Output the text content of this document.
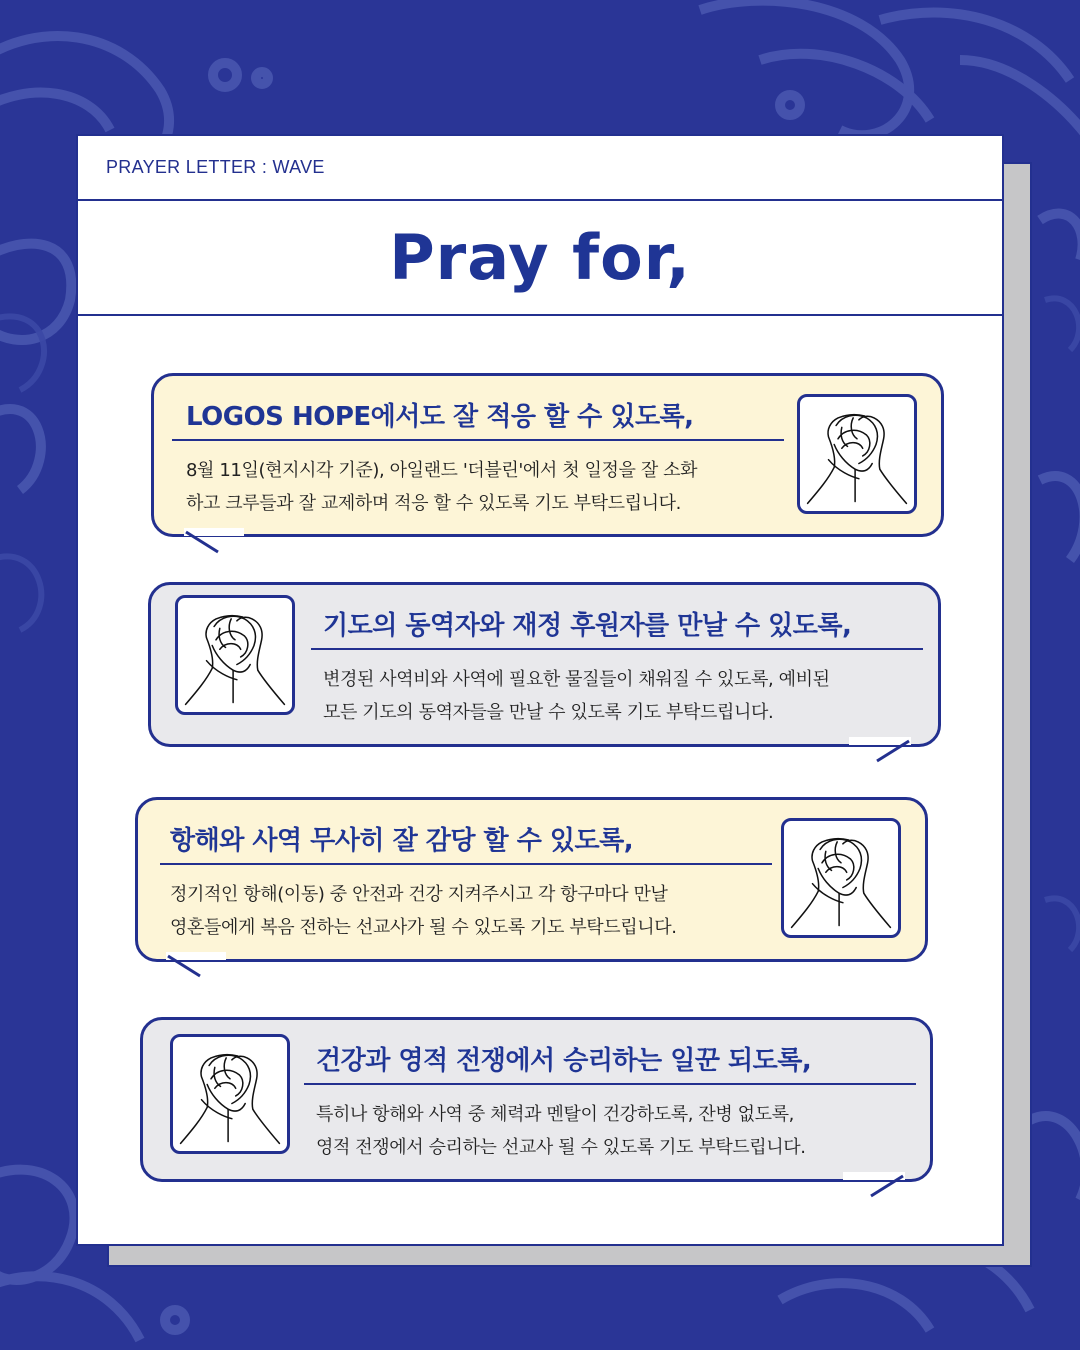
PRAYER LETTER : WAVE
Pray for,
LOGOS HOPE에서도 잘 적응 할 수 있도록,
8월 11일(현지시각 기준), 아일랜드 '더블린'에서 첫 일정을 잘 소화
하고 크루들과 잘 교제하며 적응 할 수 있도록 기도 부탁드립니다.
기도의 동역자와 재정 후원자를 만날 수 있도록,
변경된 사역비와 사역에 필요한 물질들이 채워질 수 있도록, 예비된
모든 기도의 동역자들을 만날 수 있도록 기도 부탁드립니다.
항해와 사역 무사히 잘 감당 할 수 있도록,
정기적인 항해(이동) 중 안전과 건강 지켜주시고 각 항구마다 만날
영혼들에게 복음 전하는 선교사가 될 수 있도록 기도 부탁드립니다.
건강과 영적 전쟁에서 승리하는 일꾼 되도록,
특히나 항해와 사역 중 체력과 멘탈이 건강하도록, 잔병 없도록,
영적 전쟁에서 승리하는 선교사 될 수 있도록 기도 부탁드립니다.
